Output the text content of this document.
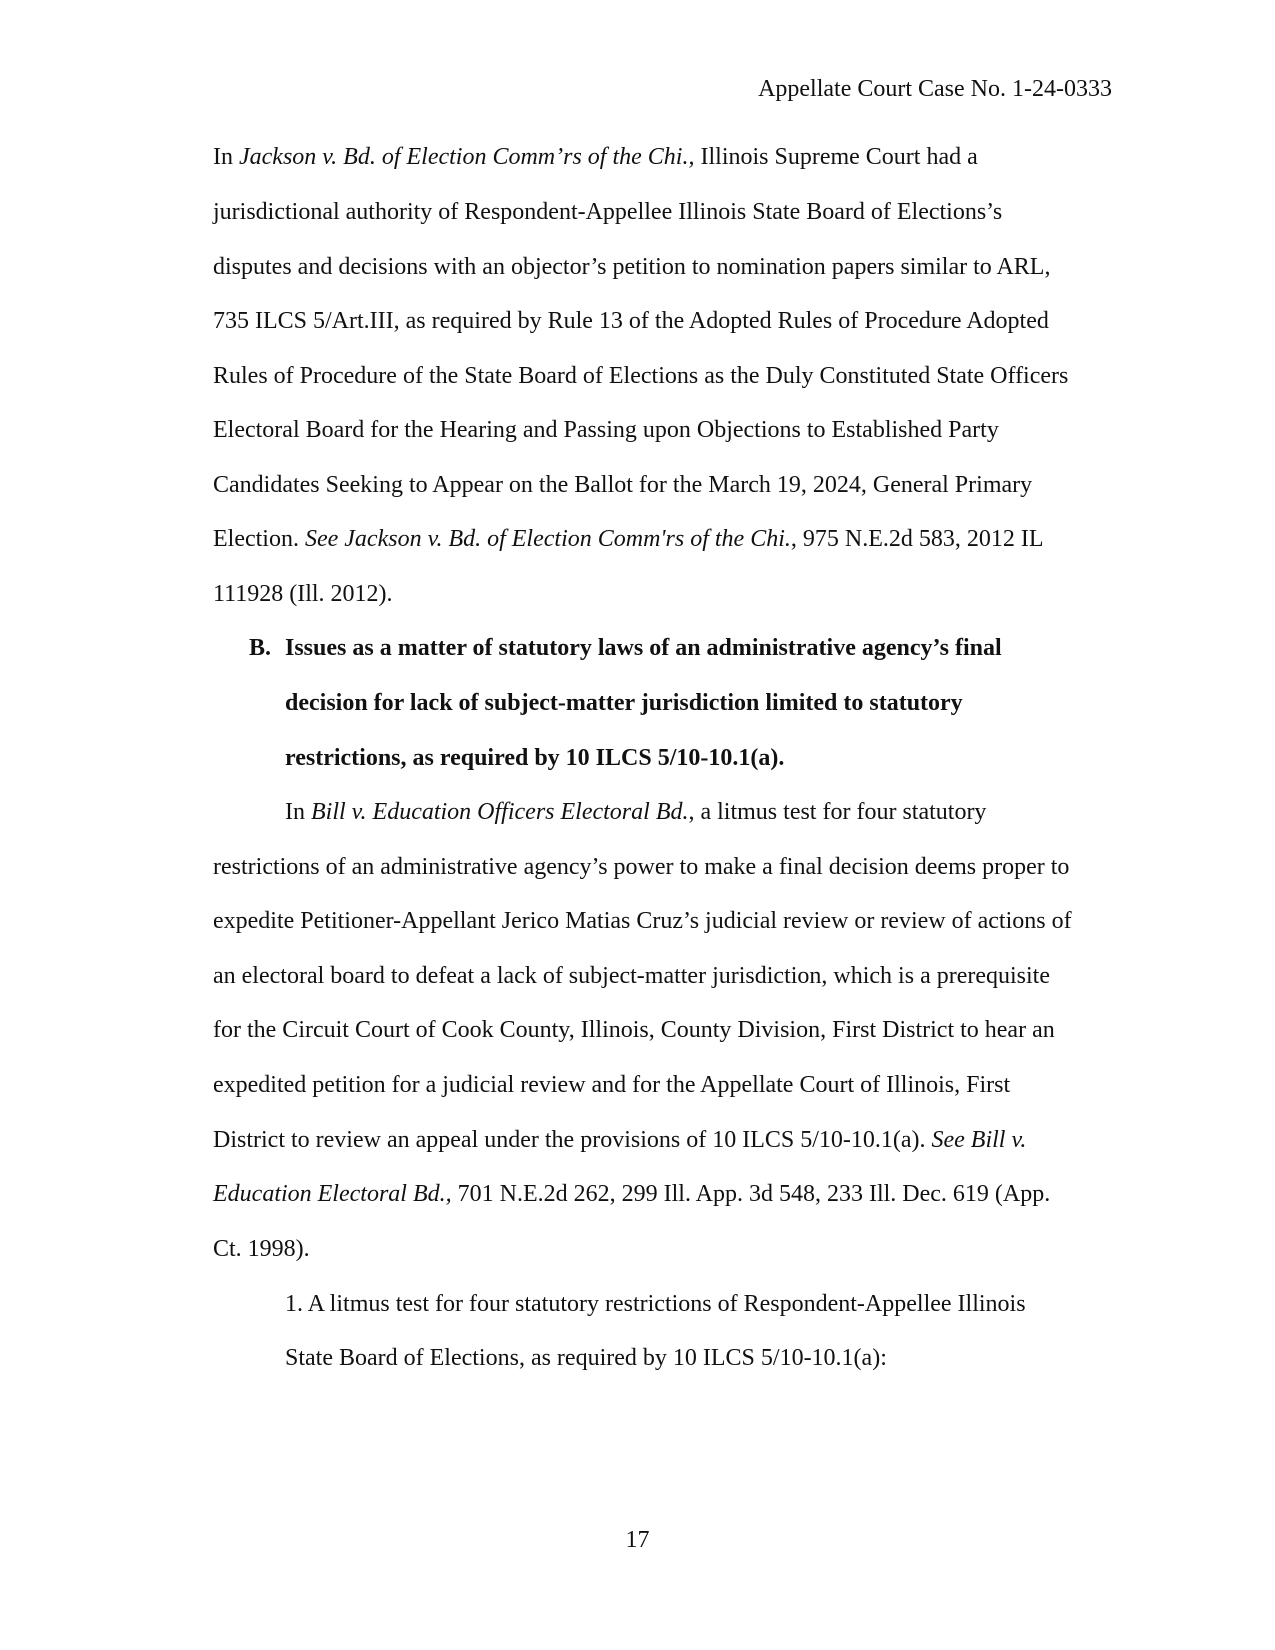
Appellate Court Case No. 1-24-0333
In Jackson v. Bd. of Election Comm’rs of the Chi., Illinois Supreme Court had a
jurisdictional authority of Respondent-Appellee Illinois State Board of Elections’s
disputes and decisions with an objector’s petition to nomination papers similar to ARL,
735 ILCS 5/Art.III, as required by Rule 13 of the Adopted Rules of Procedure Adopted
Rules of Procedure of the State Board of Elections as the Duly Constituted State Officers
Electoral Board for the Hearing and Passing upon Objections to Established Party
Candidates Seeking to Appear on the Ballot for the March 19, 2024, General Primary
Election. See Jackson v. Bd. of Election Comm'rs of the Chi., 975 N.E.2d 583, 2012 IL
111928 (Ill. 2012).
B. Issues as a matter of statutory laws of an administrative agency’s final
decision for lack of subject-matter jurisdiction limited to statutory
restrictions, as required by 10 ILCS 5/10-10.1(a).
In Bill v. Education Officers Electoral Bd., a litmus test for four statutory
restrictions of an administrative agency’s power to make a final decision deems proper to
expedite Petitioner-Appellant Jerico Matias Cruz’s judicial review or review of actions of
an electoral board to defeat a lack of subject-matter jurisdiction, which is a prerequisite
for the Circuit Court of Cook County, Illinois, County Division, First District to hear an
expedited petition for a judicial review and for the Appellate Court of Illinois, First
District to review an appeal under the provisions of 10 ILCS 5/10-10.1(a). See Bill v.
Education Electoral Bd., 701 N.E.2d 262, 299 Ill. App. 3d 548, 233 Ill. Dec. 619 (App.
Ct. 1998).
1. A litmus test for four statutory restrictions of Respondent-Appellee Illinois
State Board of Elections, as required by 10 ILCS 5/10-10.1(a):
17
